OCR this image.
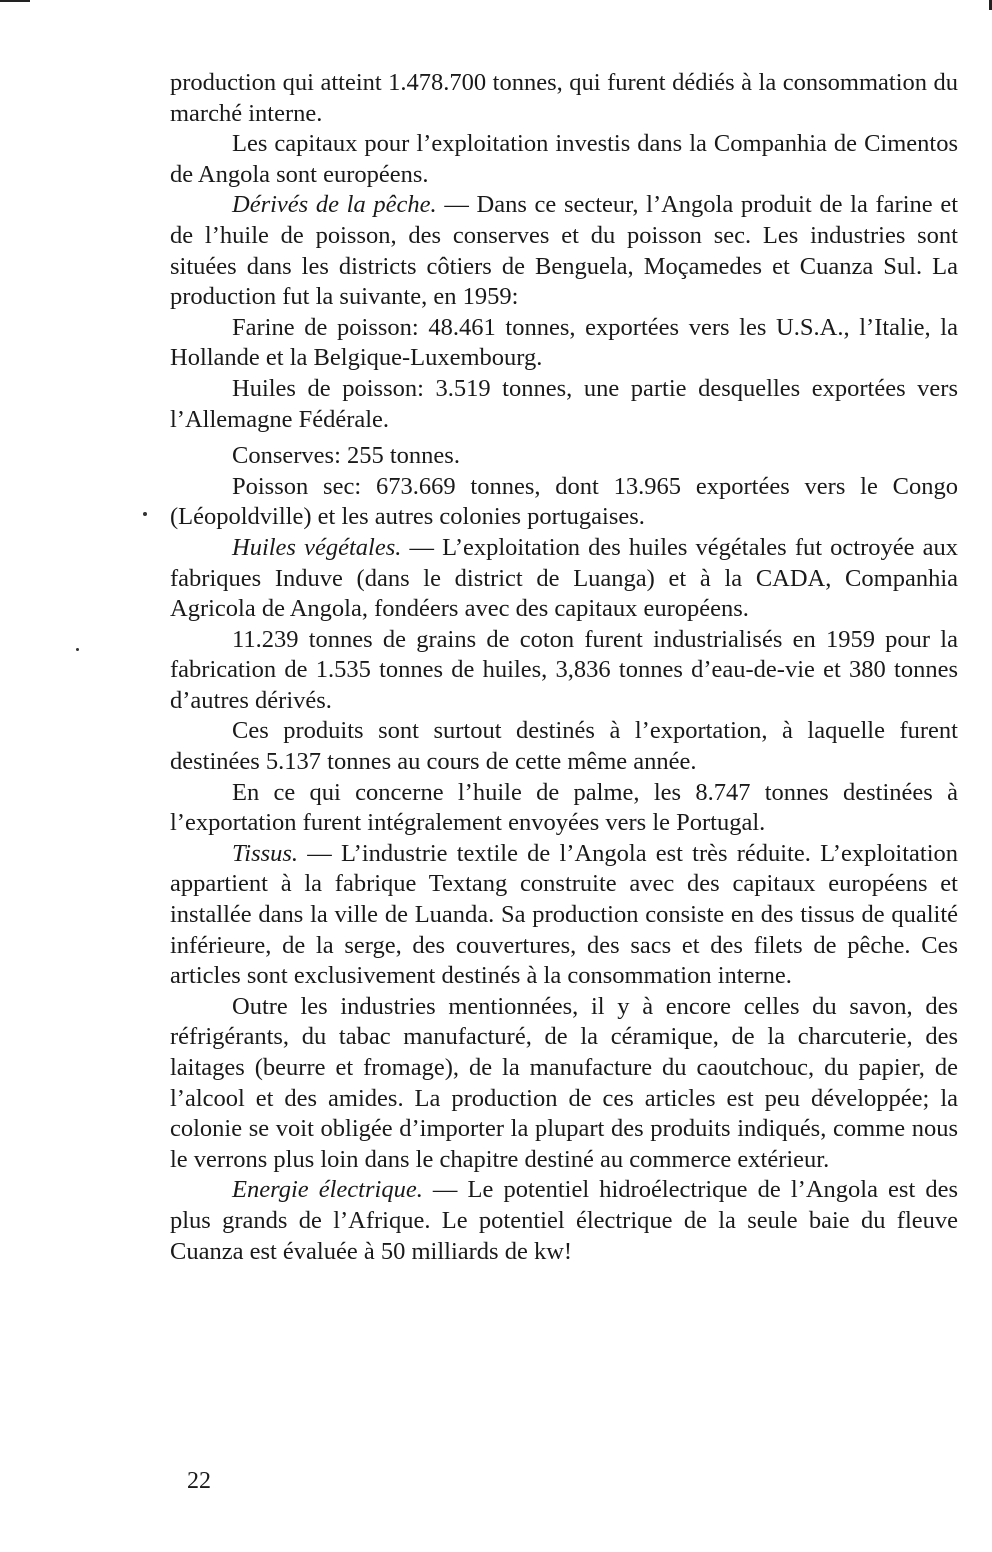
production qui atteint 1.478.700 tonnes, qui furent dédiés à la consommation du marché interne.

Les capitaux pour l’exploitation investis dans la Companhia de Cimentos de Angola sont européens.

Dérivés de la pêche. — Dans ce secteur, l’Angola produit de la farine et de l’huile de poisson, des conserves et du poisson sec. Les industries sont situées dans les districts côtiers de Benguela, Moçamedes et Cuanza Sul. La production fut la suivante, en 1959:

Farine de poisson: 48.461 tonnes, exportées vers les U.S.A., l’Italie, la Hollande et la Belgique-Luxembourg.

Huiles de poisson: 3.519 tonnes, une partie desquelles exportées vers l’Allemagne Fédérale.

Conserves: 255 tonnes.

Poisson sec: 673.669 tonnes, dont 13.965 exportées vers le Congo (Léopoldville) et les autres colonies portugaises.

Huiles végétales. — L’exploitation des huiles végétales fut octroyée aux fabriques Induve (dans le district de Luanga) et à la CADA, Companhia Agricola de Angola, fondéers avec des capitaux européens.

11.239 tonnes de grains de coton furent industrialisés en 1959 pour la fabrication de 1.535 tonnes de huiles, 3,836 tonnes d’eau-de-vie et 380 tonnes d’autres dérivés.

Ces produits sont surtout destinés à l’exportation, à laquelle furent destinées 5.137 tonnes au cours de cette même année.

En ce qui concerne l’huile de palme, les 8.747 tonnes destinées à l’exportation furent intégralement envoyées vers le Portugal.

Tissus. — L’industrie textile de l’Angola est très réduite. L’exploitation appartient à la fabrique Textang construite avec des capitaux européens et installée dans la ville de Luanda. Sa production consiste en des tissus de qualité inférieure, de la serge, des couvertures, des sacs et des filets de pêche. Ces articles sont exclusivement destinés à la consommation interne.

Outre les industries mentionnées, il y à encore celles du savon, des réfrigérants, du tabac manufacturé, de la céramique, de la charcuterie, des laitages (beurre et fromage), de la manufacture du caoutchouc, du papier, de l’alcool et des amides. La production de ces articles est peu développée; la colonie se voit obligée d’importer la plupart des produits indiqués, comme nous le verrons plus loin dans le chapitre destiné au commerce extérieur.

Energie électrique. — Le potentiel hidroélectrique de l’Angola est des plus grands de l’Afrique. Le potentiel électrique de la seule baie du fleuve Cuanza est évaluée à 50 milliards de kw!

22
